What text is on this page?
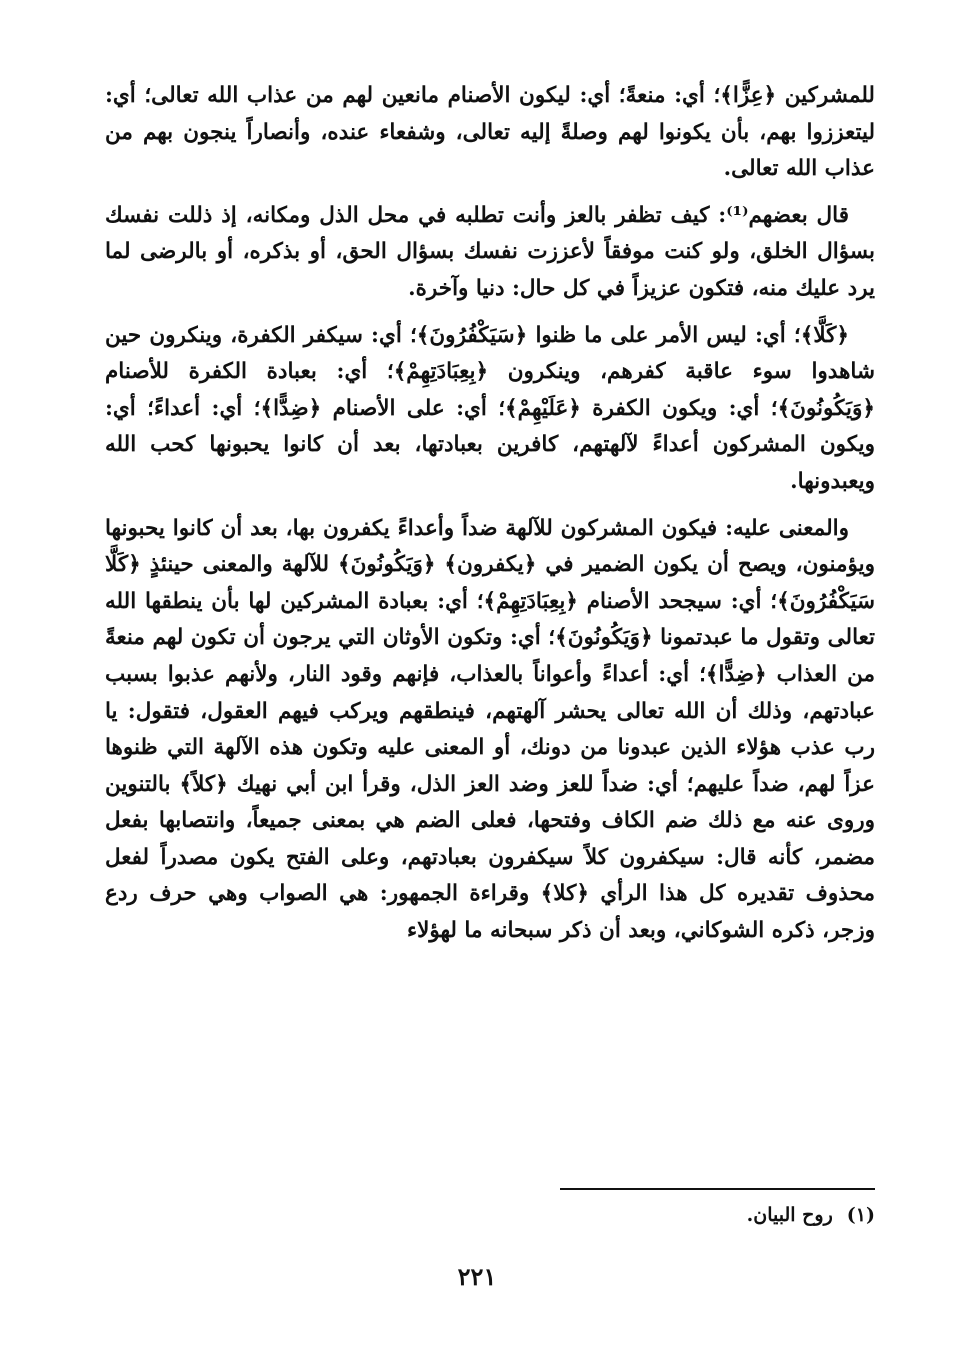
للمشركين ﴿عِزًّا﴾؛ أي: منعةً؛ أي: ليكون الأصنام مانعين لهم من عذاب الله تعالى؛ أي: ليتعززوا بهم، بأن يكونوا لهم وصلةً إليه تعالى، وشفعاء عنده، وأنصاراً ينجون بهم من عذاب الله تعالى.

قال بعضهم⁽¹⁾: كيف تظفر بالعز وأنت تطلبه في محل الذل ومكانه، إذ ذللت نفسك بسؤال الخلق، ولو كنت موفقاً لأعززت نفسك بسؤال الحق، أو بذكره، أو بالرضى لما يرد عليك منه، فتكون عزيزاً في كل حال: دنيا وآخرة.

﴿كَلَّا﴾؛ أي: ليس الأمر على ما ظنوا ﴿سَيَكْفُرُونَ﴾؛ أي: سيكفر الكفرة، وينكرون حين شاهدوا سوء عاقبة كفرهم، وينكرون ﴿بِعِبَادَتِهِمْ﴾؛ أي: بعبادة الكفرة للأصنام ﴿وَيَكُونُونَ﴾؛ أي: ويكون الكفرة ﴿عَلَيْهِمْ﴾؛ أي: على الأصنام ﴿ضِدًّا﴾؛ أي: أعداءً؛ أي: ويكون المشركون أعداءً لآلهتهم، كافرين بعبادتها، بعد أن كانوا يحبونها كحب الله ويعبدونها.

والمعنى عليه: فيكون المشركون للآلهة ضداً وأعداءً يكفرون بها، بعد أن كانوا يحبونها ويؤمنون، ويصح أن يكون الضمير في ﴿يكفرون﴾ ﴿وَيَكُونُونَ﴾ للآلهة والمعنى حينئذٍ ﴿كَلَّا سَيَكْفُرُونَ﴾؛ أي: سيجحد الأصنام ﴿بِعِبَادَتِهِمْ﴾؛ أي: بعبادة المشركين لها بأن ينطقها الله تعالى وتقول ما عبدتمونا ﴿وَيَكُونُونَ﴾؛ أي: وتكون الأوثان التي يرجون أن تكون لهم منعةً من العذاب ﴿ضِدًّا﴾؛ أي: أعداءً وأعواناً بالعذاب، فإنهم وقود النار، ولأنهم عذبوا بسبب عبادتهم، وذلك أن الله تعالى يحشر آلهتهم، فينطقهم ويركب فيهم العقول، فتقول: يا رب عذب هؤلاء الذين عبدونا من دونك، أو المعنى عليه وتكون هذه الآلهة التي ظنوها عزاً لهم، ضداً عليهم؛ أي: ضداً للعز وضد العز الذل، وقرأ ابن أبي نهيك ﴿كلاً﴾ بالتنوين وروى عنه مع ذلك ضم الكاف وفتحها، فعلى الضم هي بمعنى جميعاً، وانتصابها بفعل مضمر، كأنه قال: سيكفرون كلاً سيكفرون بعبادتهم، وعلى الفتح يكون مصدراً لفعل محذوف تقديره كل هذا الرأي ﴿كلا﴾ وقراءة الجمهور: هي الصواب وهي حرف ردع وزجر، ذكره الشوكاني، وبعد أن ذكر سبحانه ما لهؤلاء

(١)روح البيان.
٢٢١
